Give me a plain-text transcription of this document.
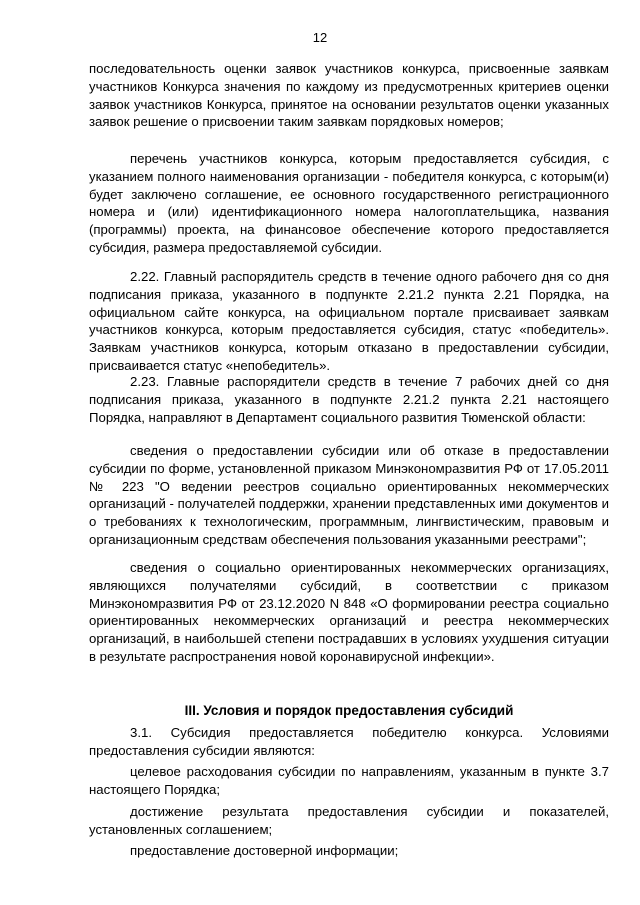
12

последовательность оценки заявок участников конкурса, присвоенные заявкам участников Конкурса значения по каждому из предусмотренных критериев оценки заявок участников Конкурса, принятое на основании результатов оценки указанных заявок решение о присвоении таким заявкам порядковых номеров;

перечень участников конкурса, которым предоставляется субсидия, с указанием полного наименования организации - победителя конкурса, с которым(и) будет заключено соглашение, ее основного государственного регистрационного номера и (или) идентификационного номера налогоплательщика, названия (программы) проекта, на финансовое обеспечение которого предоставляется субсидия, размера предоставляемой субсидии.

2.22. Главный распорядитель средств в течение одного рабочего дня со дня подписания приказа, указанного в подпункте 2.21.2 пункта 2.21 Порядка, на официальном сайте конкурса, на официальном портале присваивает заявкам участников конкурса, которым предоставляется субсидия, статус «победитель». Заявкам участников конкурса, которым отказано в предоставлении субсидии, присваивается статус «непобедитель».

2.23. Главные распорядители средств в течение 7 рабочих дней со дня подписания приказа, указанного в подпункте 2.21.2 пункта 2.21 настоящего Порядка, направляют в Департамент социального развития Тюменской области:

сведения о предоставлении субсидии или об отказе в предоставлении субсидии по форме, установленной приказом Минэкономразвития РФ от 17.05.2011 № 223 "О ведении реестров социально ориентированных некоммерческих организаций - получателей поддержки, хранении представленных ими документов и о требованиях к технологическим, программным, лингвистическим, правовым и организационным средствам обеспечения пользования указанными реестрами";

сведения о социально ориентированных некоммерческих организациях, являющихся получателями субсидий, в соответствии с приказом Минэкономразвития РФ от 23.12.2020 N 848 «О формировании реестра социально ориентированных некоммерческих организаций и реестра некоммерческих организаций, в наибольшей степени пострадавших в условиях ухудшения ситуации в результате распространения новой коронавирусной инфекции».

III. Условия и порядок предоставления субсидий

3.1. Субсидия предоставляется победителю конкурса. Условиями предоставления субсидии являются:

целевое расходования субсидии по направлениям, указанным в пункте 3.7 настоящего Порядка;

достижение результата предоставления субсидии и показателей, установленных соглашением;

предоставление достоверной информации;
